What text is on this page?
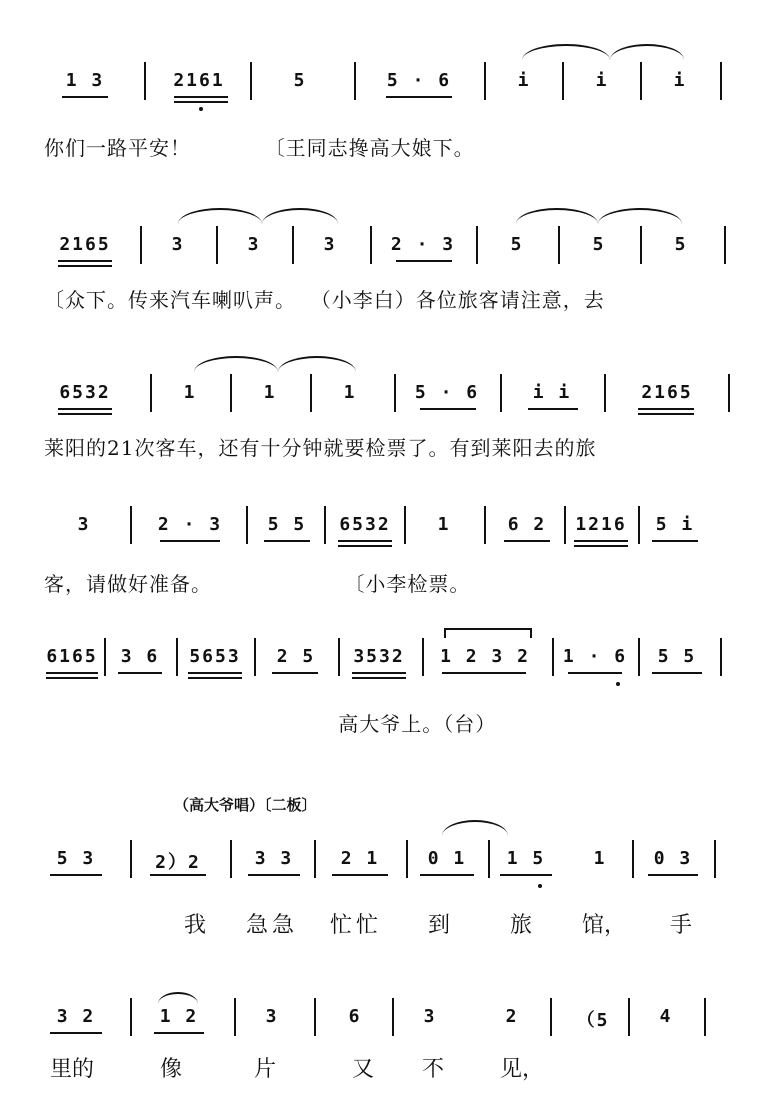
1 3	2161	5	5 · 6	i	i	i
你们一路平安！          〔王同志搀高大娘下。
2165	3	3	3	2 · 3	5	5	5
〔众下。传来汽车喇叭声。  （小李白）各位旅客请注意，去
6532	1	1	1	5 · 6	i i	2165
莱阳的21次客车，还有十分钟就要检票了。有到莱阳去的旅
3	2 · 3	5 5	6532	1	6 2	1216	5 i
客，请做好准备。                  〔小李检票。
6165	3 6	5653	2 5	3532	1 2 3 2	1 · 6	5 5
高大爷上。（台）
（高大爷唱）〔二板〕
5 3	2）2	3 3	2 1	0 1	1 5	1	0 3
我 急 急 忙 忙 到	旅 馆， 手
3 2	1 2	3	6	3	2	（5	4
里的	像	片	又 不	见，
